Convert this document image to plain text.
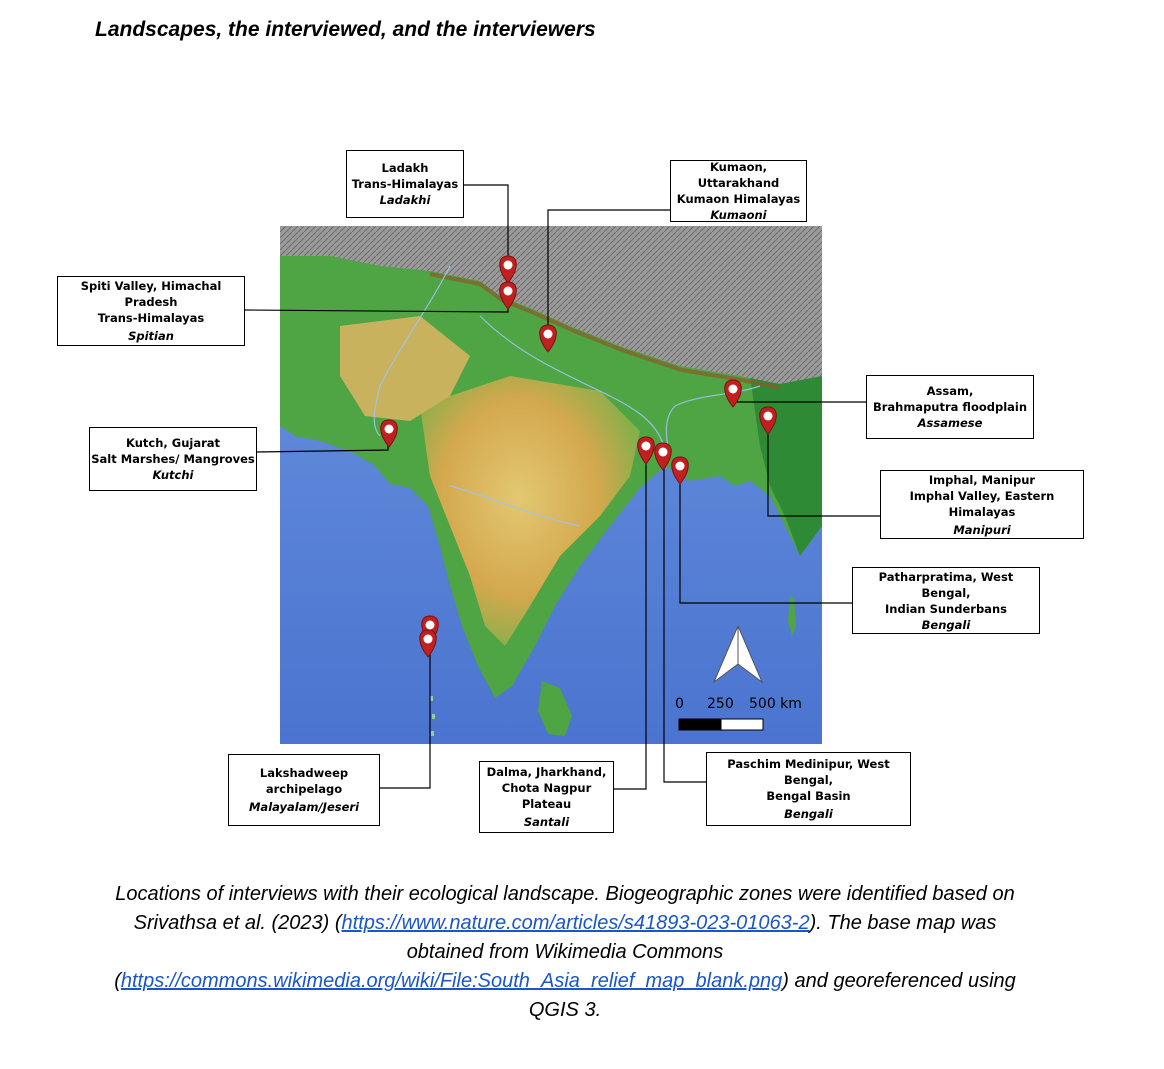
Landscapes, the interviewed, and the interviewers
0 250 500 km
Ladakh
Trans-Himalayas
Ladakhi
Kumaon, Uttarakhand
Kumaon Himalayas
Kumaoni
Spiti Valley, Himachal Pradesh
Trans-Himalayas
Spitian
Assam,
Brahmaputra floodplain
Assamese
Kutch, Gujarat
Salt Marshes/ Mangroves
Kutchi	Imphal, Manipur
Imphal Valley, Eastern Himalayas
Manipuri
Patharpratima, West Bengal,
Indian Sunderbans
Bengali
Lakshadweep archipelago
Malayalam/Jeseri
Dalma, Jharkhand,
Chota Nagpur Plateau
Santali
Paschim Medinipur, West Bengal,
Bengal Basin
Bengali
Locations of interviews with their ecological landscape. Biogeographic zones were identified based on Srivathsa et al. (2023) (https://www.nature.com/articles/s41893-023-01063-2). The base map was obtained from Wikimedia Commons (https://commons.wikimedia.org/wiki/File:South_Asia_relief_map_blank.png) and georeferenced using QGIS 3.
